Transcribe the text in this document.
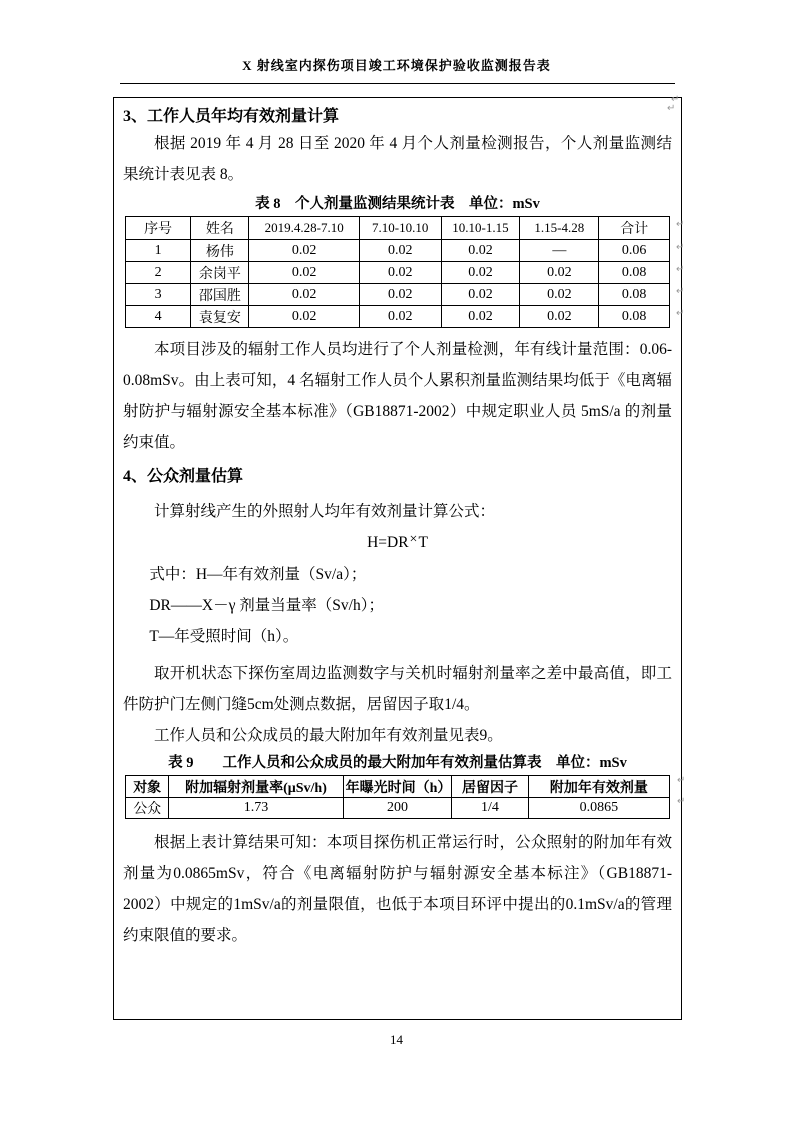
X 射线室内探伤项目竣工环境保护验收监测报告表
3、工作人员年均有效剂量计算

根据 2019 年 4 月 28 日至 2020 年 4 月个人剂量检测报告，个人剂量监测结果统计表见表 8。

表 8　个人剂量监测结果统计表　单位：mSv

序号	姓名	2019.4.28-7.10	7.10-10.10	10.10-1.15	1.15-4.28	合计
1	杨伟	0.02	0.02	0.02	—	0.06
2	余岗平	0.02	0.02	0.02	0.02	0.08
3	邵国胜	0.02	0.02	0.02	0.02	0.08
4	袁复安	0.02	0.02	0.02	0.02	0.08

本项目涉及的辐射工作人员均进行了个人剂量检测，年有线计量范围：0.06-0.08mSv。由上表可知，4 名辐射工作人员个人累积剂量监测结果均低于《电离辐射防护与辐射源安全基本标准》（GB18871-2002）中规定职业人员 5mS/a 的剂量约束值。

4、公众剂量估算

计算射线产生的外照射人均年有效剂量计算公式：

H=DR×T

式中：H—年有效剂量（Sv/a）；

DR——X－γ 剂量当量率（Sv/h）；

T—年受照时间（h）。

取开机状态下探伤室周边监测数字与关机时辐射剂量率之差中最高值，即工件防护门左侧门缝5cm处测点数据，居留因子取1/4。

工作人员和公众成员的最大附加年有效剂量见表9。

表 9　　工作人员和公众成员的最大附加年有效剂量估算表　单位：mSv

对象	附加辐射剂量率(μSv/h)	年曝光时间（h）	居留因子	附加年有效剂量
公众	1.73	200	1/4	0.0865

根据上表计算结果可知：本项目探伤机正常运行时，公众照射的附加年有效剂量为0.0865mSv，符合《电离辐射防护与辐射源安全基本标注》（GB18871-2002）中规定的1mSv/a的剂量限值，也低于本项目环评中提出的0.1mSv/a的管理约束限值的要求。

↵
↵
↵
↵
↵
↵
↵
↵
↵
14
